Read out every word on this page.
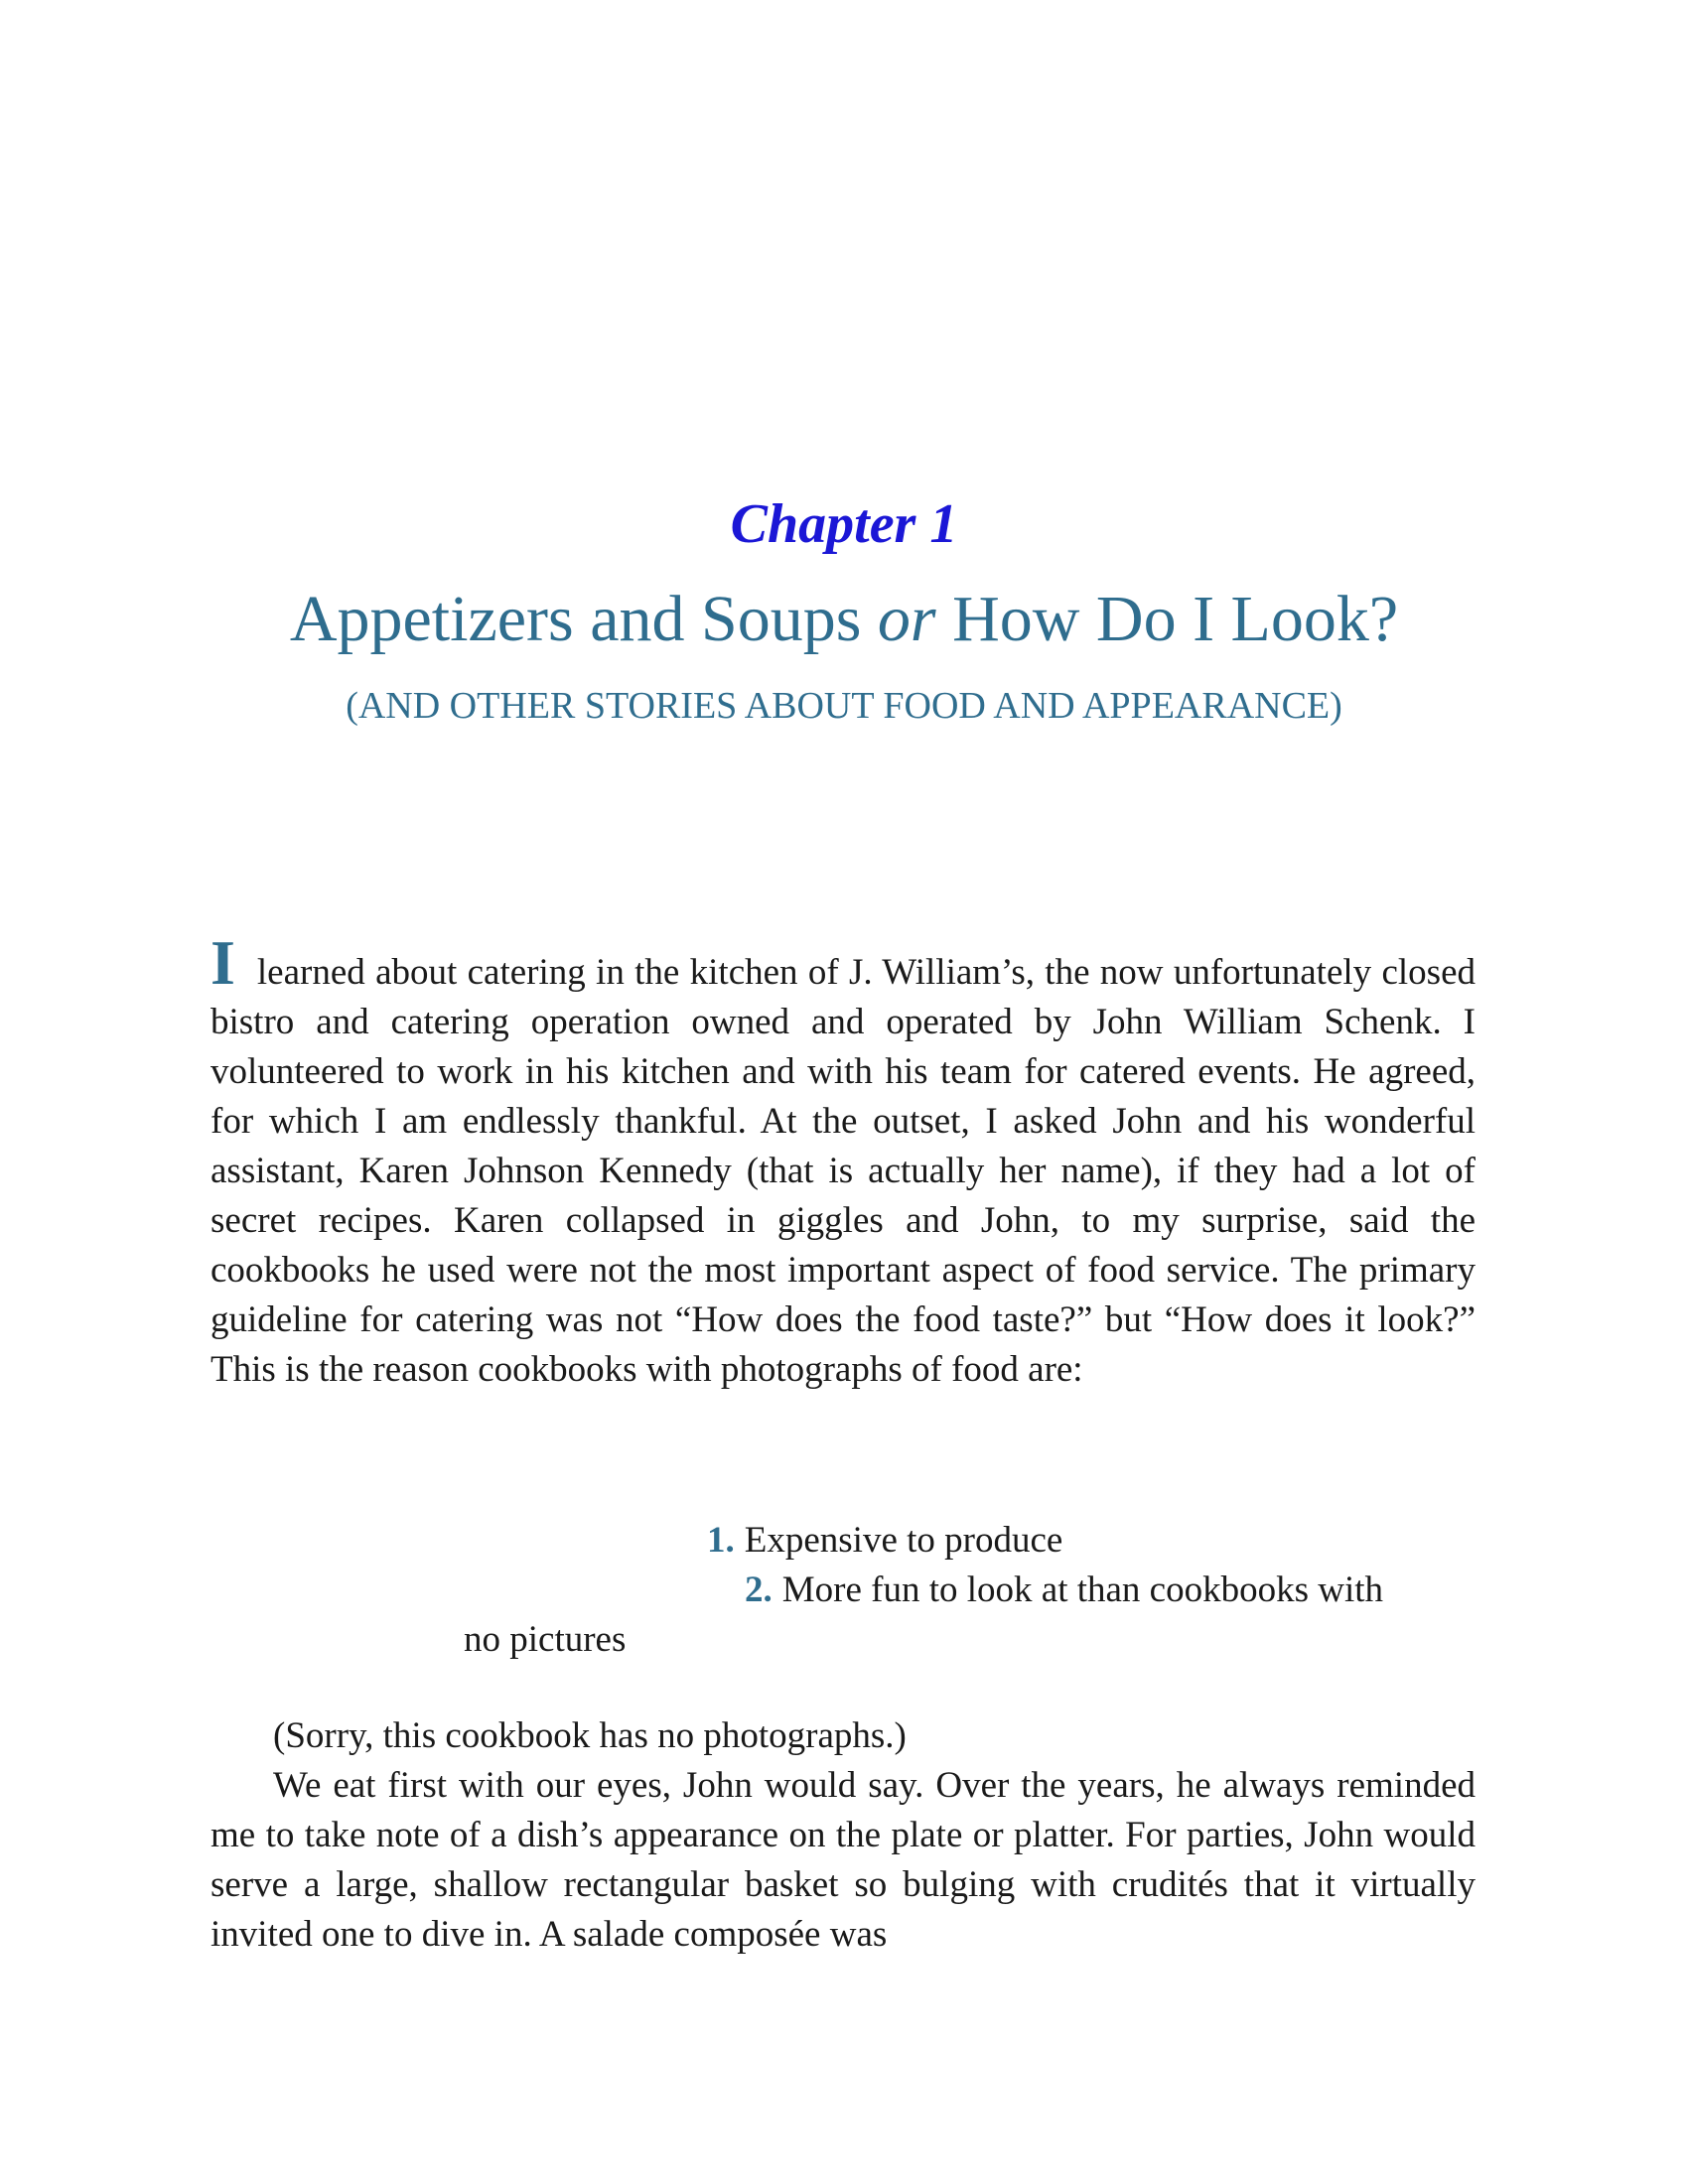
Chapter 1
Appetizers and Soups or How Do I Look?
(AND OTHER STORIES ABOUT FOOD AND APPEARANCE)
Ilearned about catering in the kitchen of J. William’s, the now unfortunately closed bistro and catering operation owned and operated by John William Schenk. I volunteered to work in his kitchen and with his team for catered events. He agreed, for which I am endlessly thankful. At the outset, I asked John and his wonderful assistant, Karen Johnson Kennedy (that is actually her name), if they had a lot of secret recipes. Karen collapsed in giggles and John, to my surprise, said the cookbooks he used were not the most important aspect of food service. The primary guideline for catering was not “How does the food taste?” but “How does it look?” This is the reason cookbooks with photographs of food are:
1. Expensive to produce
2. More fun to look at than cookbooks with
no pictures
(Sorry, this cookbook has no photographs.)
We eat first with our eyes, John would say. Over the years, he always reminded me to take note of a dish’s appearance on the plate or platter. For parties, John would serve a large, shallow rectangular basket so bulging with crudités that it virtually invited one to dive in. A salade composée was
